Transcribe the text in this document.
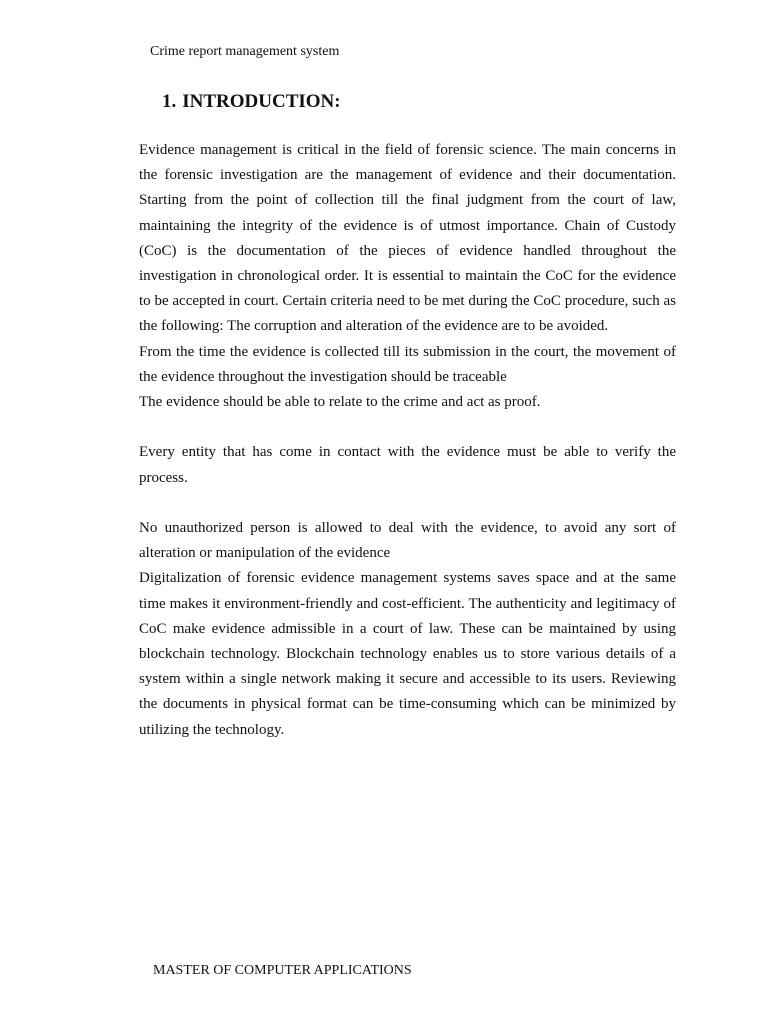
Crime report management system
1. INTRODUCTION:

Evidence management is critical in the field of forensic science. The main concerns in the forensic investigation are the management of evidence and their documentation. Starting from the point of collection till the final judgment from the court of law, maintaining the integrity of the evidence is of utmost importance. Chain of Custody (CoC) is the documentation of the pieces of evidence handled throughout the investigation in chronological order. It is essential to maintain the CoC for the evidence to be accepted in court. Certain criteria need to be met during the CoC procedure, such as the following: The corruption and alteration of the evidence are to be avoided.

From the time the evidence is collected till its submission in the court, the movement of the evidence throughout the investigation should be traceable

The evidence should be able to relate to the crime and act as proof.

Every entity that has come in contact with the evidence must be able to verify the process.

No unauthorized person is allowed to deal with the evidence, to avoid any sort of alteration or manipulation of the evidence

Digitalization of forensic evidence management systems saves space and at the same time makes it environment-friendly and cost-efficient. The authenticity and legitimacy of CoC make evidence admissible in a court of law. These can be maintained by using blockchain technology. Blockchain technology enables us to store various details of a system within a single network making it secure and accessible to its users. Reviewing the documents in physical format can be time-consuming which can be minimized by utilizing the technology.

MASTER OF COMPUTER APPLICATIONS
